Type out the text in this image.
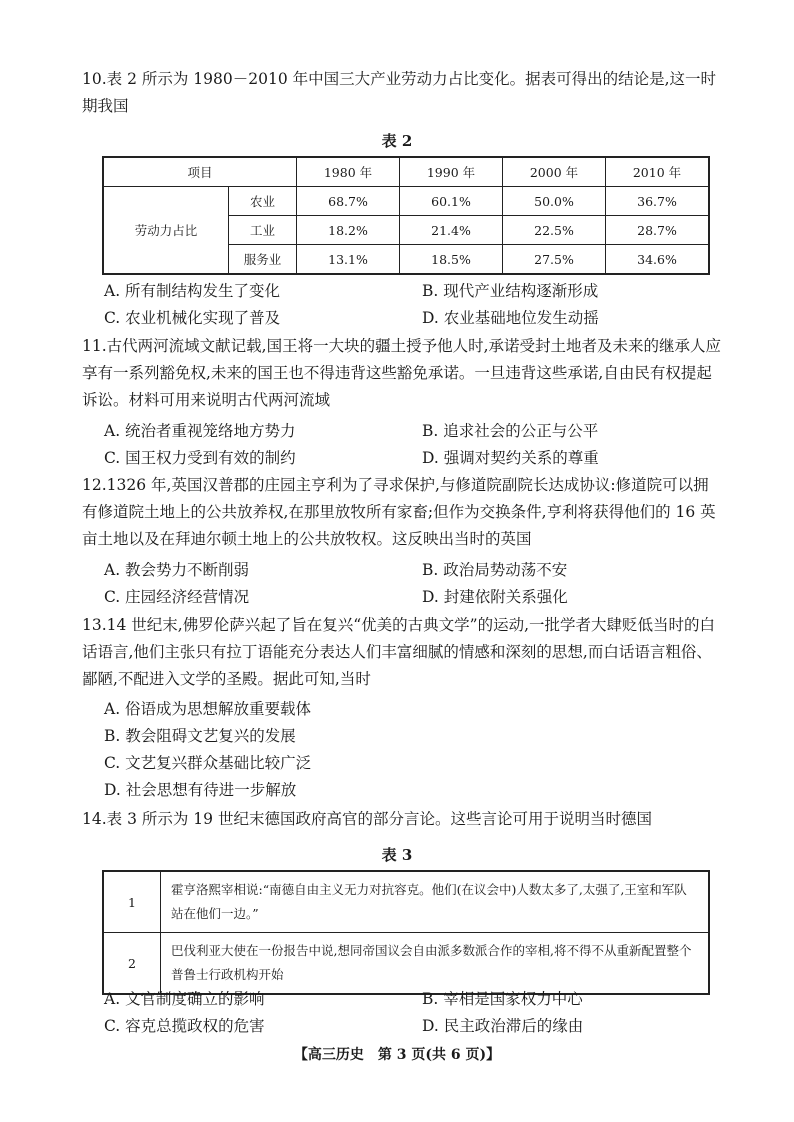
10.表 2 所示为 1980－2010 年中国三大产业劳动力占比变化。据表可得出的结论是,这一时期我国
表 2
项目		1980 年	1990 年	2000 年	2010 年
劳动力占比	农业	68.7%	60.1%	50.0%	36.7%
	工业	18.2%	21.4%	22.5%	28.7%
	服务业	13.1%	18.5%	27.5%	34.6%
A. 所有制结构发生了变化	B. 现代产业结构逐渐形成
C. 农业机械化实现了普及	D. 农业基础地位发生动摇
11.古代两河流域文献记载,国王将一大块的疆土授予他人时,承诺受封土地者及未来的继承人应享有一系列豁免权,未来的国王也不得违背这些豁免承诺。一旦违背这些承诺,自由民有权提起诉讼。材料可用来说明古代两河流域
A. 统治者重视笼络地方势力	B. 追求社会的公正与公平
C. 国王权力受到有效的制约	D. 强调对契约关系的尊重
12.1326 年,英国汉普郡的庄园主亨利为了寻求保护,与修道院副院长达成协议:修道院可以拥有修道院土地上的公共放养权,在那里放牧所有家畜;但作为交换条件,亨利将获得他们的 16 英亩土地以及在拜迪尔顿土地上的公共放牧权。这反映出当时的英国
A. 教会势力不断削弱	B. 政治局势动荡不安
C. 庄园经济经营情况	D. 封建依附关系强化
13.14 世纪末,佛罗伦萨兴起了旨在复兴“优美的古典文学”的运动,一批学者大肆贬低当时的白话语言,他们主张只有拉丁语能充分表达人们丰富细腻的情感和深刻的思想,而白话语言粗俗、鄙陋,不配进入文学的圣殿。据此可知,当时
A. 俗语成为思想解放重要载体
B. 教会阻碍文艺复兴的发展
C. 文艺复兴群众基础比较广泛
D. 社会思想有待进一步解放
14.表 3 所示为 19 世纪末德国政府高官的部分言论。这些言论可用于说明当时德国
表 3
1	霍亨洛熙宰相说:“南德自由主义无力对抗容克。他们(在议会中)人数太多了,太强了,王室和军队站在他们一边。”
2	巴伐利亚大使在一份报告中说,想同帝国议会自由派多数派合作的宰相,将不得不从重新配置整个普鲁士行政机构开始
A. 文官制度确立的影响	B. 宰相是国家权力中心
C. 容克总揽政权的危害	D. 民主政治滞后的缘由
【高三历史　第 3 页(共 6 页)】
